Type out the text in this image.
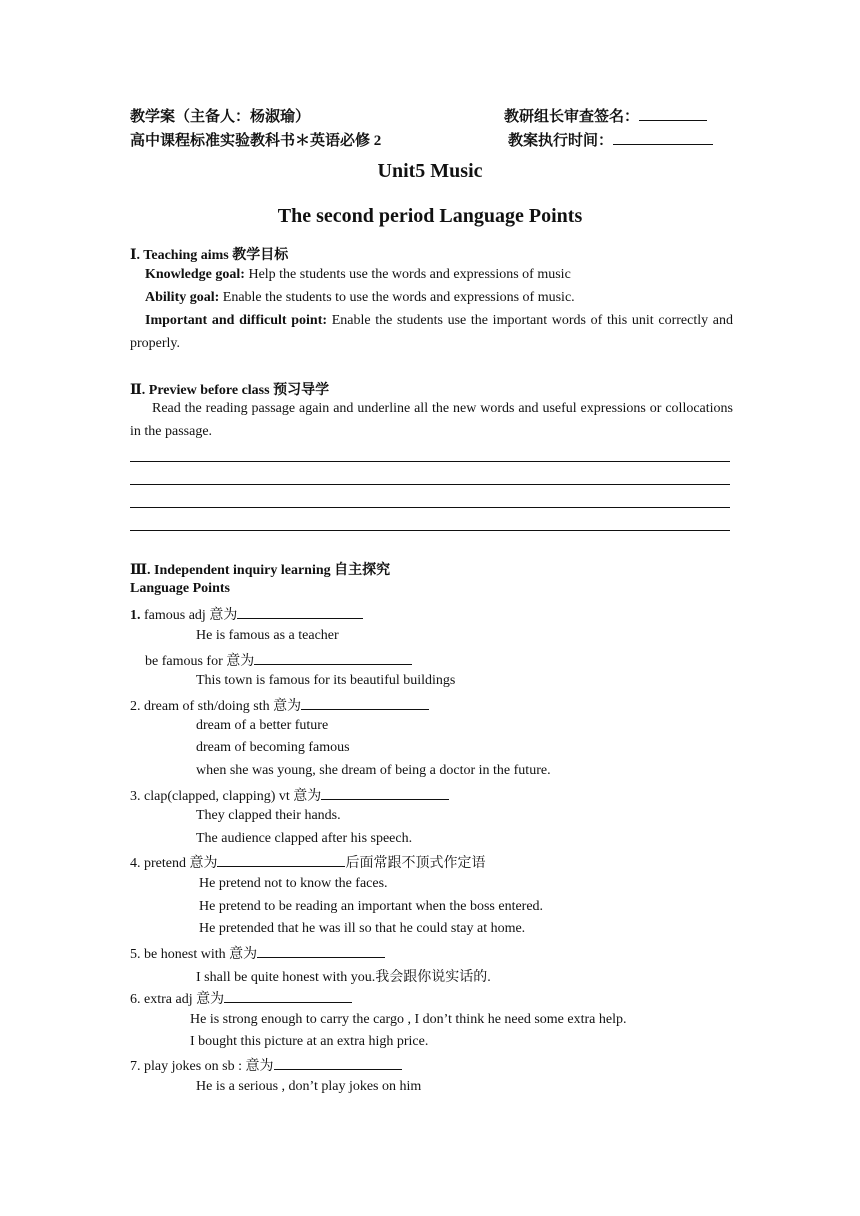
教学案（主备人：杨淑瑜）	教研组长审查签名：
高中课程标准实验教科书＊英语必修 2	教案执行时间：
Unit5 Music
The second period Language Points
Ⅰ. Teaching aims 教学目标
Knowledge goal: Help the students use the words and expressions of music
Ability goal: Enable the students to use the words and expressions of music.
Important and difficult point: Enable the students use the important words of this unit correctly and properly.
Ⅱ. Preview before class 预习导学
Read the reading passage again and underline all the new words and useful expressions or collocations in the passage.
Ⅲ. Independent inquiry learning 自主探究
Language Points
1. famous adj 意为
He is famous as a teacher
be famous for 意为
This town is famous for its beautiful buildings
2. dream of sth/doing sth 意为
dream of a better future
dream of becoming famous
when she was young, she dream of being a doctor in the future.
3. clap(clapped, clapping) vt 意为
They clapped their hands.
The audience clapped after his speech.
4. pretend 意为	后面常跟不顶式作定语
He pretend not to know the faces.
He pretend to be reading an important when the boss entered.
He pretended that he was ill so that he could stay at home.
5. be honest with 意为
I shall be quite honest with you.我会跟你说实话的.
6. extra adj 意为
He is strong enough to carry the cargo , I don’t think he need some extra help.
I bought this picture at an extra high price.
7. play jokes on sb : 意为
He is a serious , don’t play jokes on him
